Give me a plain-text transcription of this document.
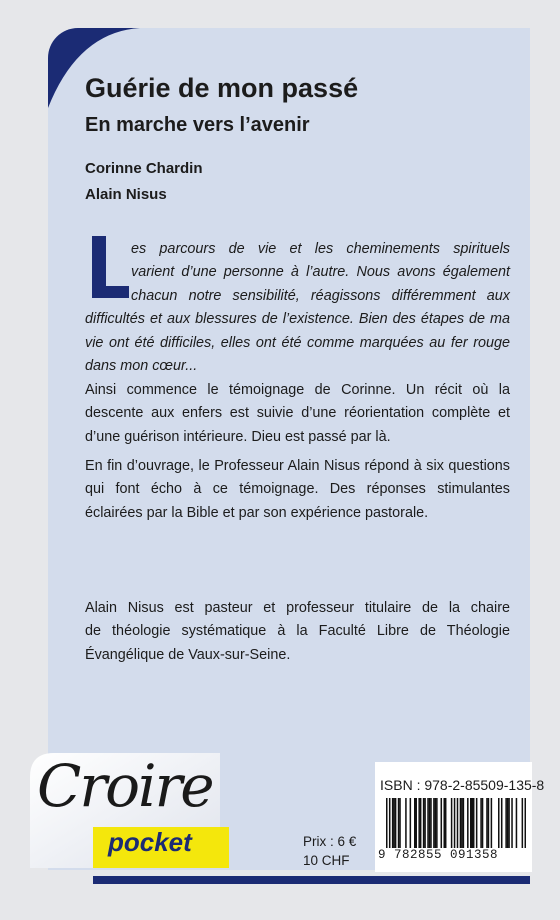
Guérie de mon passé
En marche vers l’avenir
Corinne Chardin
Alain Nisus
es parcours de vie et les cheminements spirituels
varient d’une personne à l’autre. Nous avons également
chacun notre sensibilité, réagissons différemment aux
difficultés et aux blessures de l’existence. Bien des étapes de ma
vie ont été difficiles, elles ont été comme marquées au fer rouge
dans mon cœur...
Ainsi commence le témoignage de Corinne. Un récit où la
descente aux enfers est suivie d’une réorientation complète et
d’une guérison intérieure. Dieu est passé par là.
En fin d’ouvrage, le Professeur Alain Nisus répond à six questions
qui font écho à ce témoignage. Des réponses stimulantes
éclairées par la Bible et par son expérience pastorale.
Alain Nisus est pasteur et professeur titulaire de la chaire
de théologie systématique à la Faculté Libre de Théologie
Évangélique de Vaux-sur-Seine.
Croire
pocket	Prix : 6 €
10 CHF
ISBN : 978-2-85509-135-8
9 782855 091358
